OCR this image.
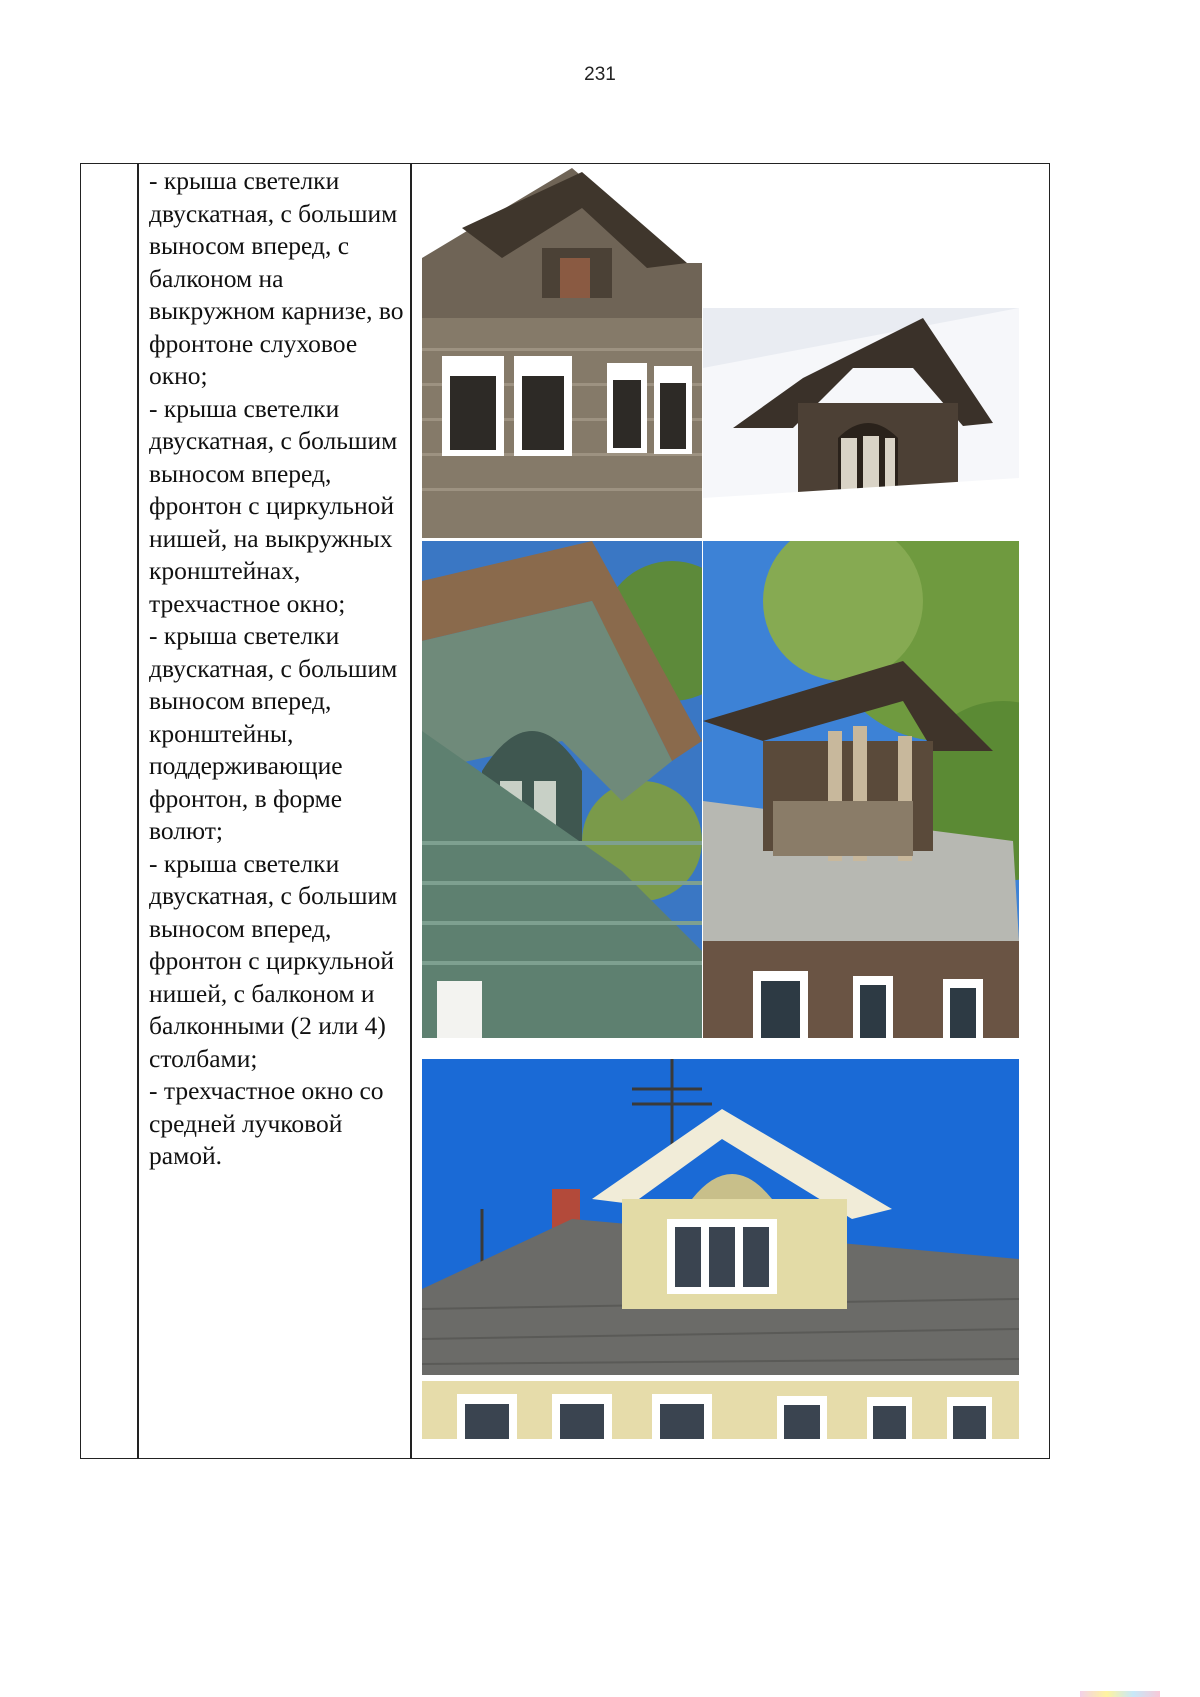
231

- крыша светелки двускатная, с большим выносом вперед, с балконом на выкружном карнизе, во фронтоне слуховое окно;

- крыша светелки двускатная, с большим выносом вперед, фронтон с циркульной нишей, на выкружных кронштейнах, трехчастное окно;

- крыша светелки двускатная, с большим выносом вперед, кронштейны, поддерживающие фронтон, в форме волют;

- крыша светелки двускатная, с большим выносом вперед, фронтон с циркульной нишей, с балконом и балконными (2 или 4) столбами;

- трехчастное окно со средней лучковой рамой.
